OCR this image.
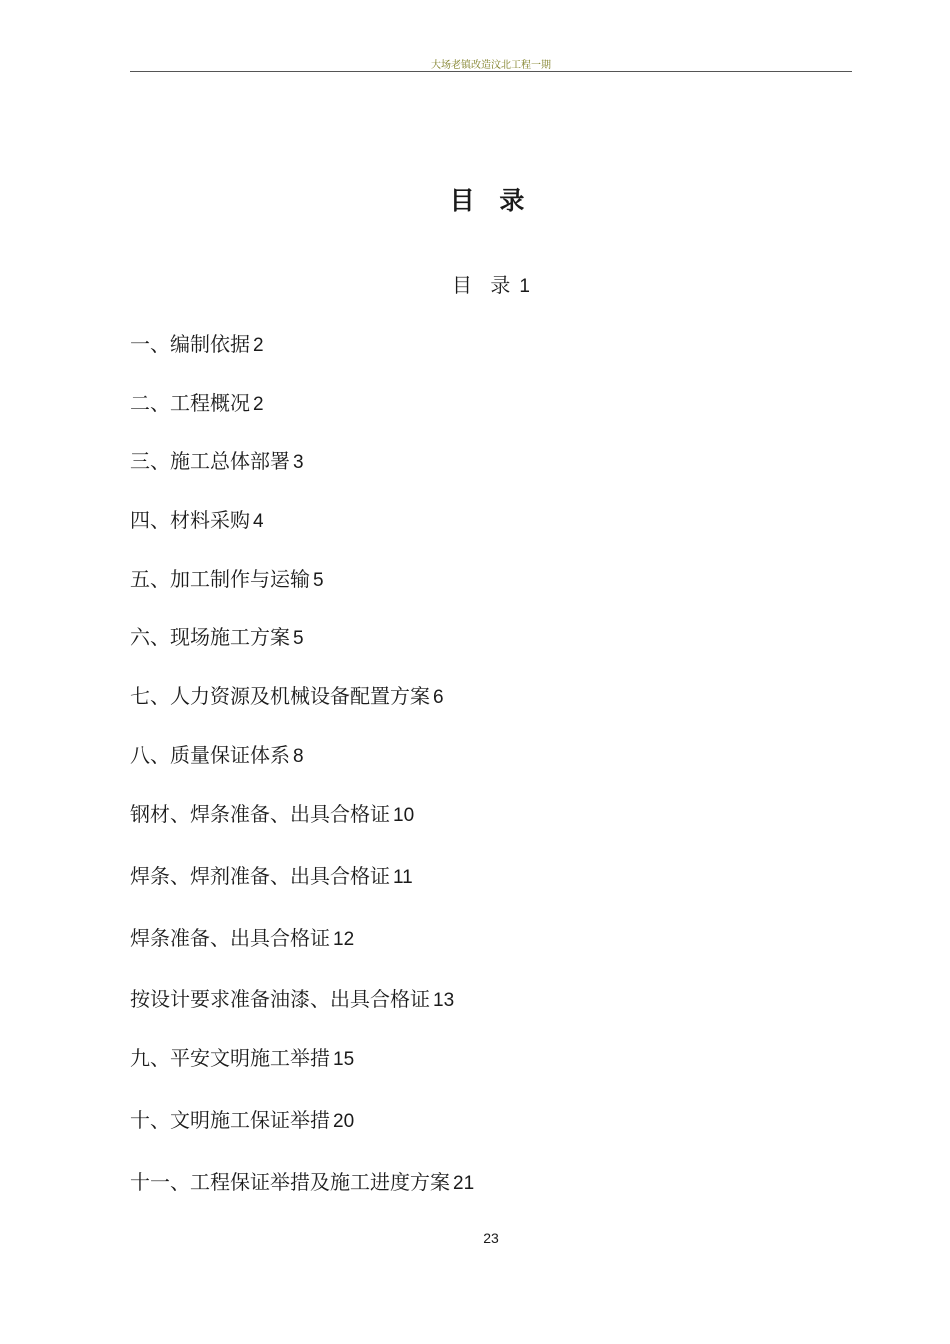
大场老镇改造汶北工程一期
目 录
目 录 1
一、编制依据 2
二、工程概况 2
三、施工总体部署 3
四、材料采购 4
五、加工制作与运输 5
六、现场施工方案 5
七、人力资源及机械设备配置方案 6
八、质量保证体系 8
钢材、焊条准备、出具合格证 10
焊条、焊剂准备、出具合格证 11
焊条准备、出具合格证 12
按设计要求准备油漆、出具合格证 13
九、平安文明施工举措 15
十、文明施工保证举措 20
十一、工程保证举措及施工进度方案 21
23
